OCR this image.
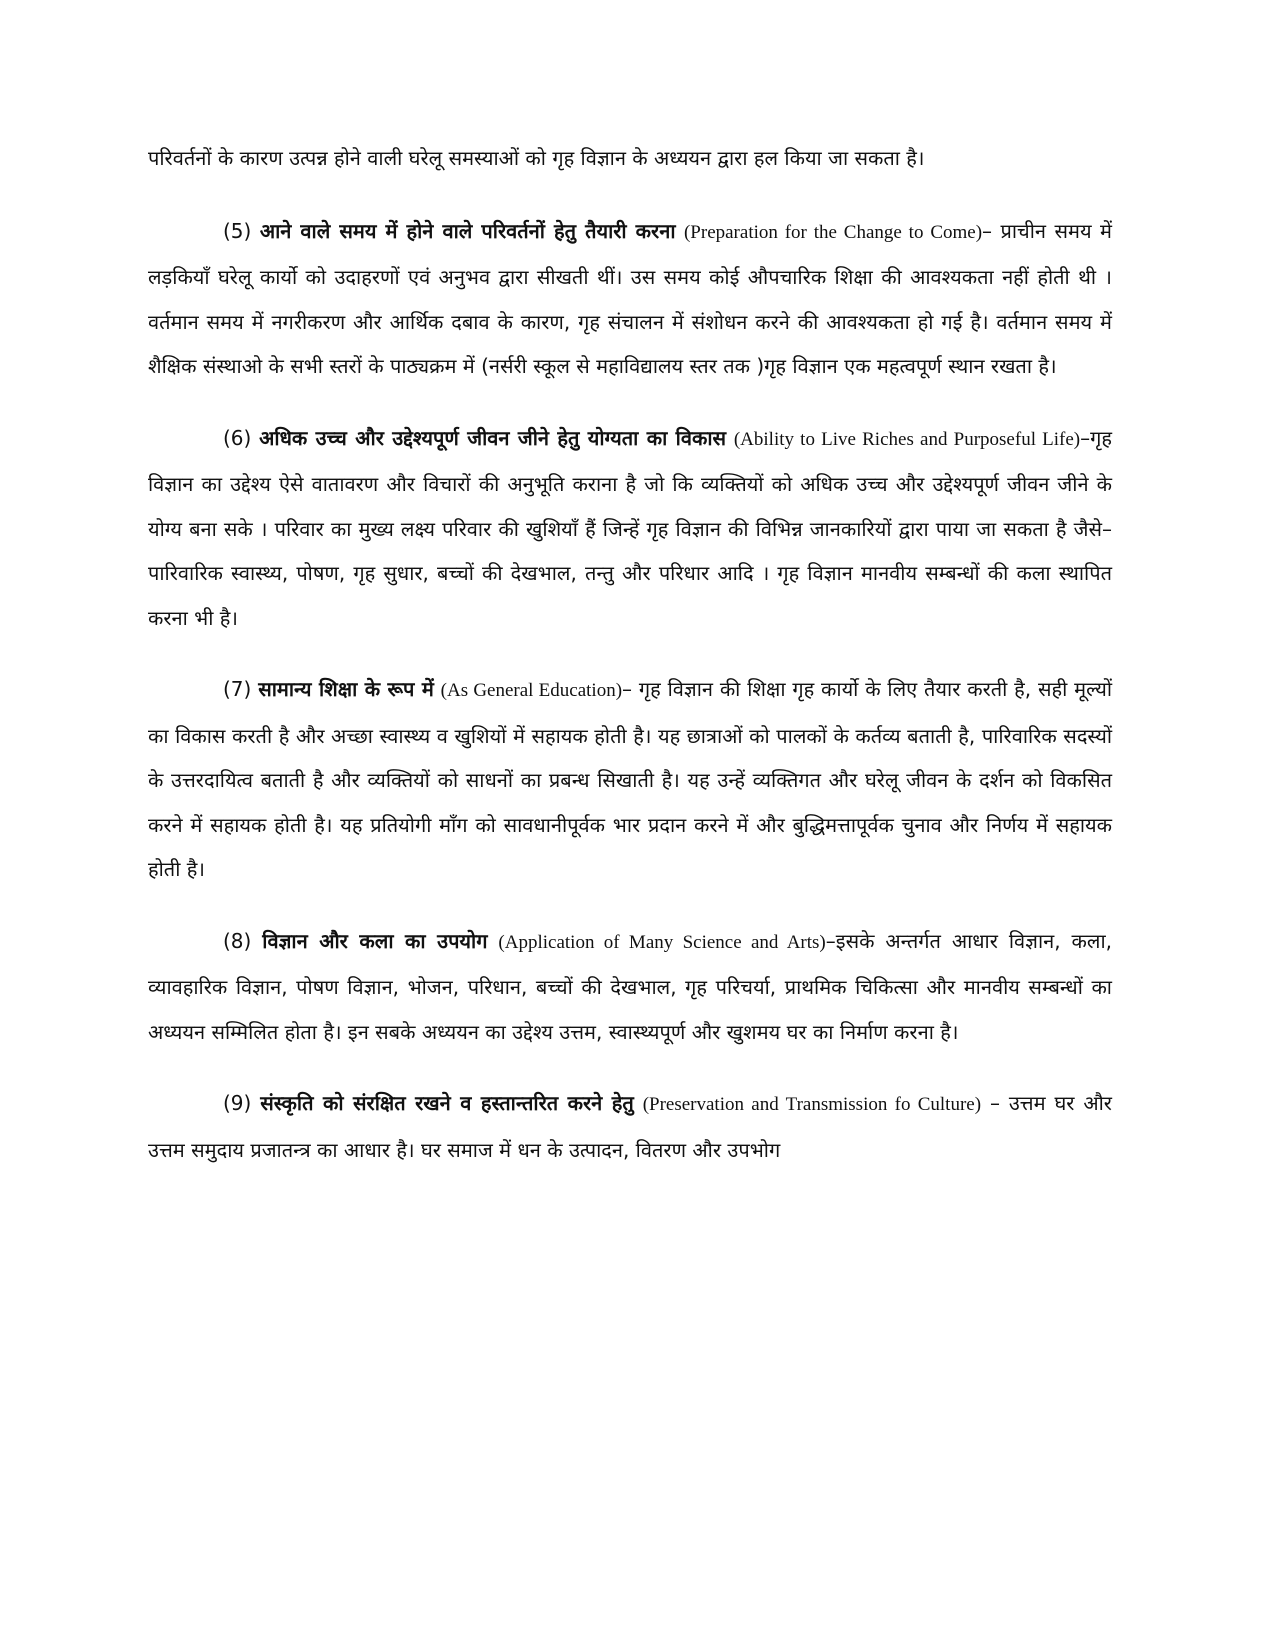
परिवर्तनों के कारण उत्पन्न होने वाली घरेलू समस्याओं को गृह विज्ञान के अध्ययन द्वारा हल किया जा सकता है।

(5) आने वाले समय में होने वाले परिवर्तनों हेतु तैयारी करना (Preparation for the Change to Come)– प्राचीन समय में लड़कियाँ घरेलू कार्यो को उदाहरणों एवं अनुभव द्वारा सीखती थीं। उस समय कोई औपचारिक शिक्षा की आवश्यकता नहीं होती थी । वर्तमान समय में नगरीकरण और आर्थिक दबाव के कारण, गृह संचालन में संशोधन करने की आवश्यकता हो गई है। वर्तमान समय में शैक्षिक संस्थाओ के सभी स्तरों के पाठ्यक्रम में (नर्सरी स्कूल से महाविद्यालय स्तर तक )गृह विज्ञान एक महत्वपूर्ण स्थान रखता है।

(6) अधिक उच्च और उद्देश्यपूर्ण जीवन जीने हेतु योग्यता का विकास (Ability to Live Riches and Purposeful Life)–गृह विज्ञान का उद्देश्य ऐसे वातावरण और विचारों की अनुभूति कराना है जो कि व्यक्तियों को अधिक उच्च और उद्देश्यपूर्ण जीवन जीने के योग्य बना सके । परिवार का मुख्य लक्ष्य परिवार की खुशियाँ हैं जिन्हें गृह विज्ञान की विभिन्न जानकारियों द्वारा पाया जा सकता है जैसे–पारिवारिक स्वास्थ्य, पोषण, गृह सुधार, बच्चों की देखभाल, तन्तु और परिधार आदि । गृह विज्ञान मानवीय सम्बन्धों की कला स्थापित करना भी है।

(7) सामान्य शिक्षा के रूप में (As General Education)– गृह विज्ञान की शिक्षा गृह कार्यो के लिए तैयार करती है, सही मूल्यों का विकास करती है और अच्छा स्वास्थ्य व खुशियों में सहायक होती है। यह छात्राओं को पालकों के कर्तव्य बताती है, पारिवारिक सदस्यों के उत्तरदायित्व बताती है और व्यक्तियों को साधनों का प्रबन्ध सिखाती है। यह उन्हें व्यक्तिगत और घरेलू जीवन के दर्शन को विकसित करने में सहायक होती है। यह प्रतियोगी माँग को सावधानीपूर्वक भार प्रदान करने में और बुद्धिमत्तापूर्वक चुनाव और निर्णय में सहायक होती है।

(8) विज्ञान और कला का उपयोग (Application of Many Science and Arts)–इसके अन्तर्गत आधार विज्ञान, कला, व्यावहारिक विज्ञान, पोषण विज्ञान, भोजन, परिधान, बच्चों की देखभाल, गृह परिचर्या, प्राथमिक चिकित्सा और मानवीय सम्बन्धों का अध्ययन सम्मिलित होता है। इन सबके अध्ययन का उद्देश्य उत्तम, स्वास्थ्यपूर्ण और खुशमय घर का निर्माण करना है।

(9) संस्कृति को संरक्षित रखने व हस्तान्तरित करने हेतु (Preservation and Transmission fo Culture) – उत्तम घर और उत्तम समुदाय प्रजातन्त्र का आधार है। घर समाज में धन के उत्पादन, वितरण और उपभोग
